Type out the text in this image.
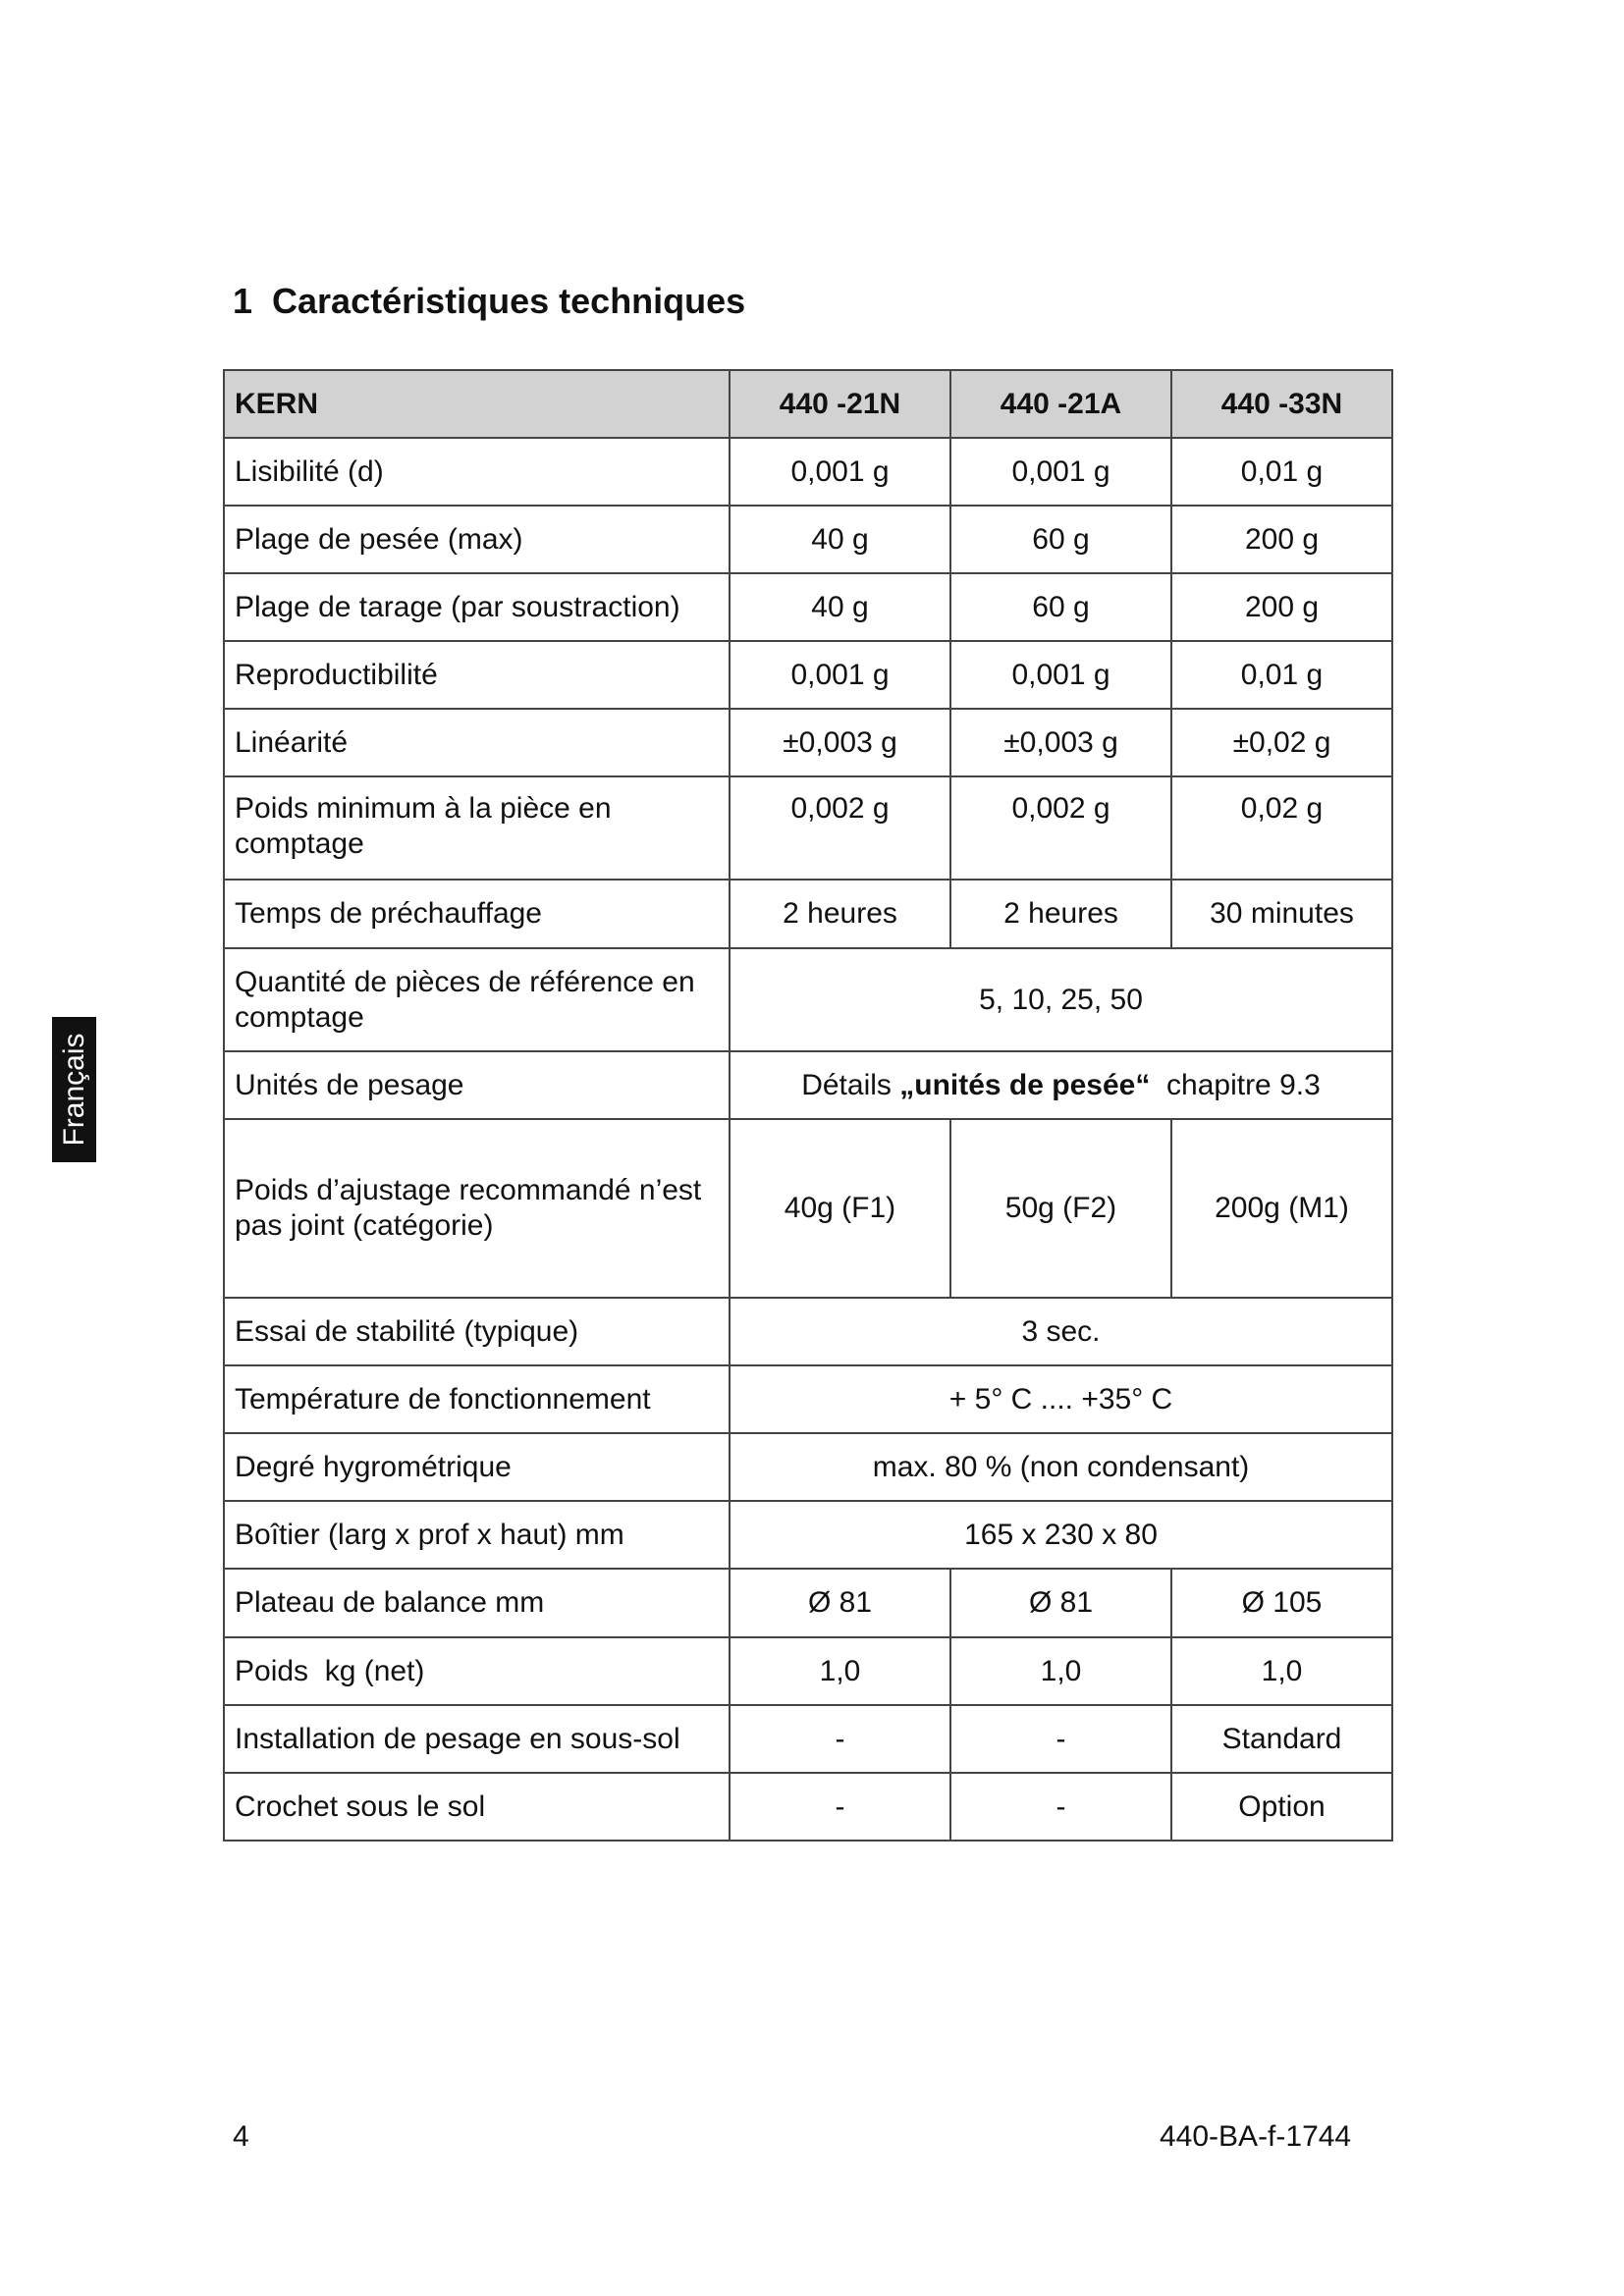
1 Caractéristiques techniques
Français
KERN	440 -21N	440 -21A	440 -33N
Lisibilité (d)	0,001 g	0,001 g	0,01 g
Plage de pesée (max)	40 g	60 g	200 g
Plage de tarage (par soustraction)	40 g	60 g	200 g
Reproductibilité	0,001 g	0,001 g	0,01 g
Linéarité	±0,003 g	±0,003 g	±0,02 g
Poids minimum à la pièce en comptage	0,002 g	0,002 g	0,02 g
Temps de préchauffage	2 heures	2 heures	30 minutes
Quantité de pièces de référence en comptage	5, 10, 25, 50		
Unités de pesage	Détails „unités de pesée“  chapitre 9.3		
Poids d’ajustage recommandé n’est pas joint (catégorie)	40g (F1)	50g (F2)	200g (M1)
Essai de stabilité (typique)	3 sec.		
Température de fonctionnement	+ 5° C .... +35° C		
Degré hygrométrique	max. 80 % (non condensant)		
Boîtier (larg x prof x haut) mm	165 x 230 x 80		
Plateau de balance mm	Ø 81	Ø 81	Ø 105
Poids  kg (net)	1,0	1,0	1,0
Installation de pesage en sous-sol	-	-	Standard
Crochet sous le sol	-	-	Option
4	440-BA-f-1744
